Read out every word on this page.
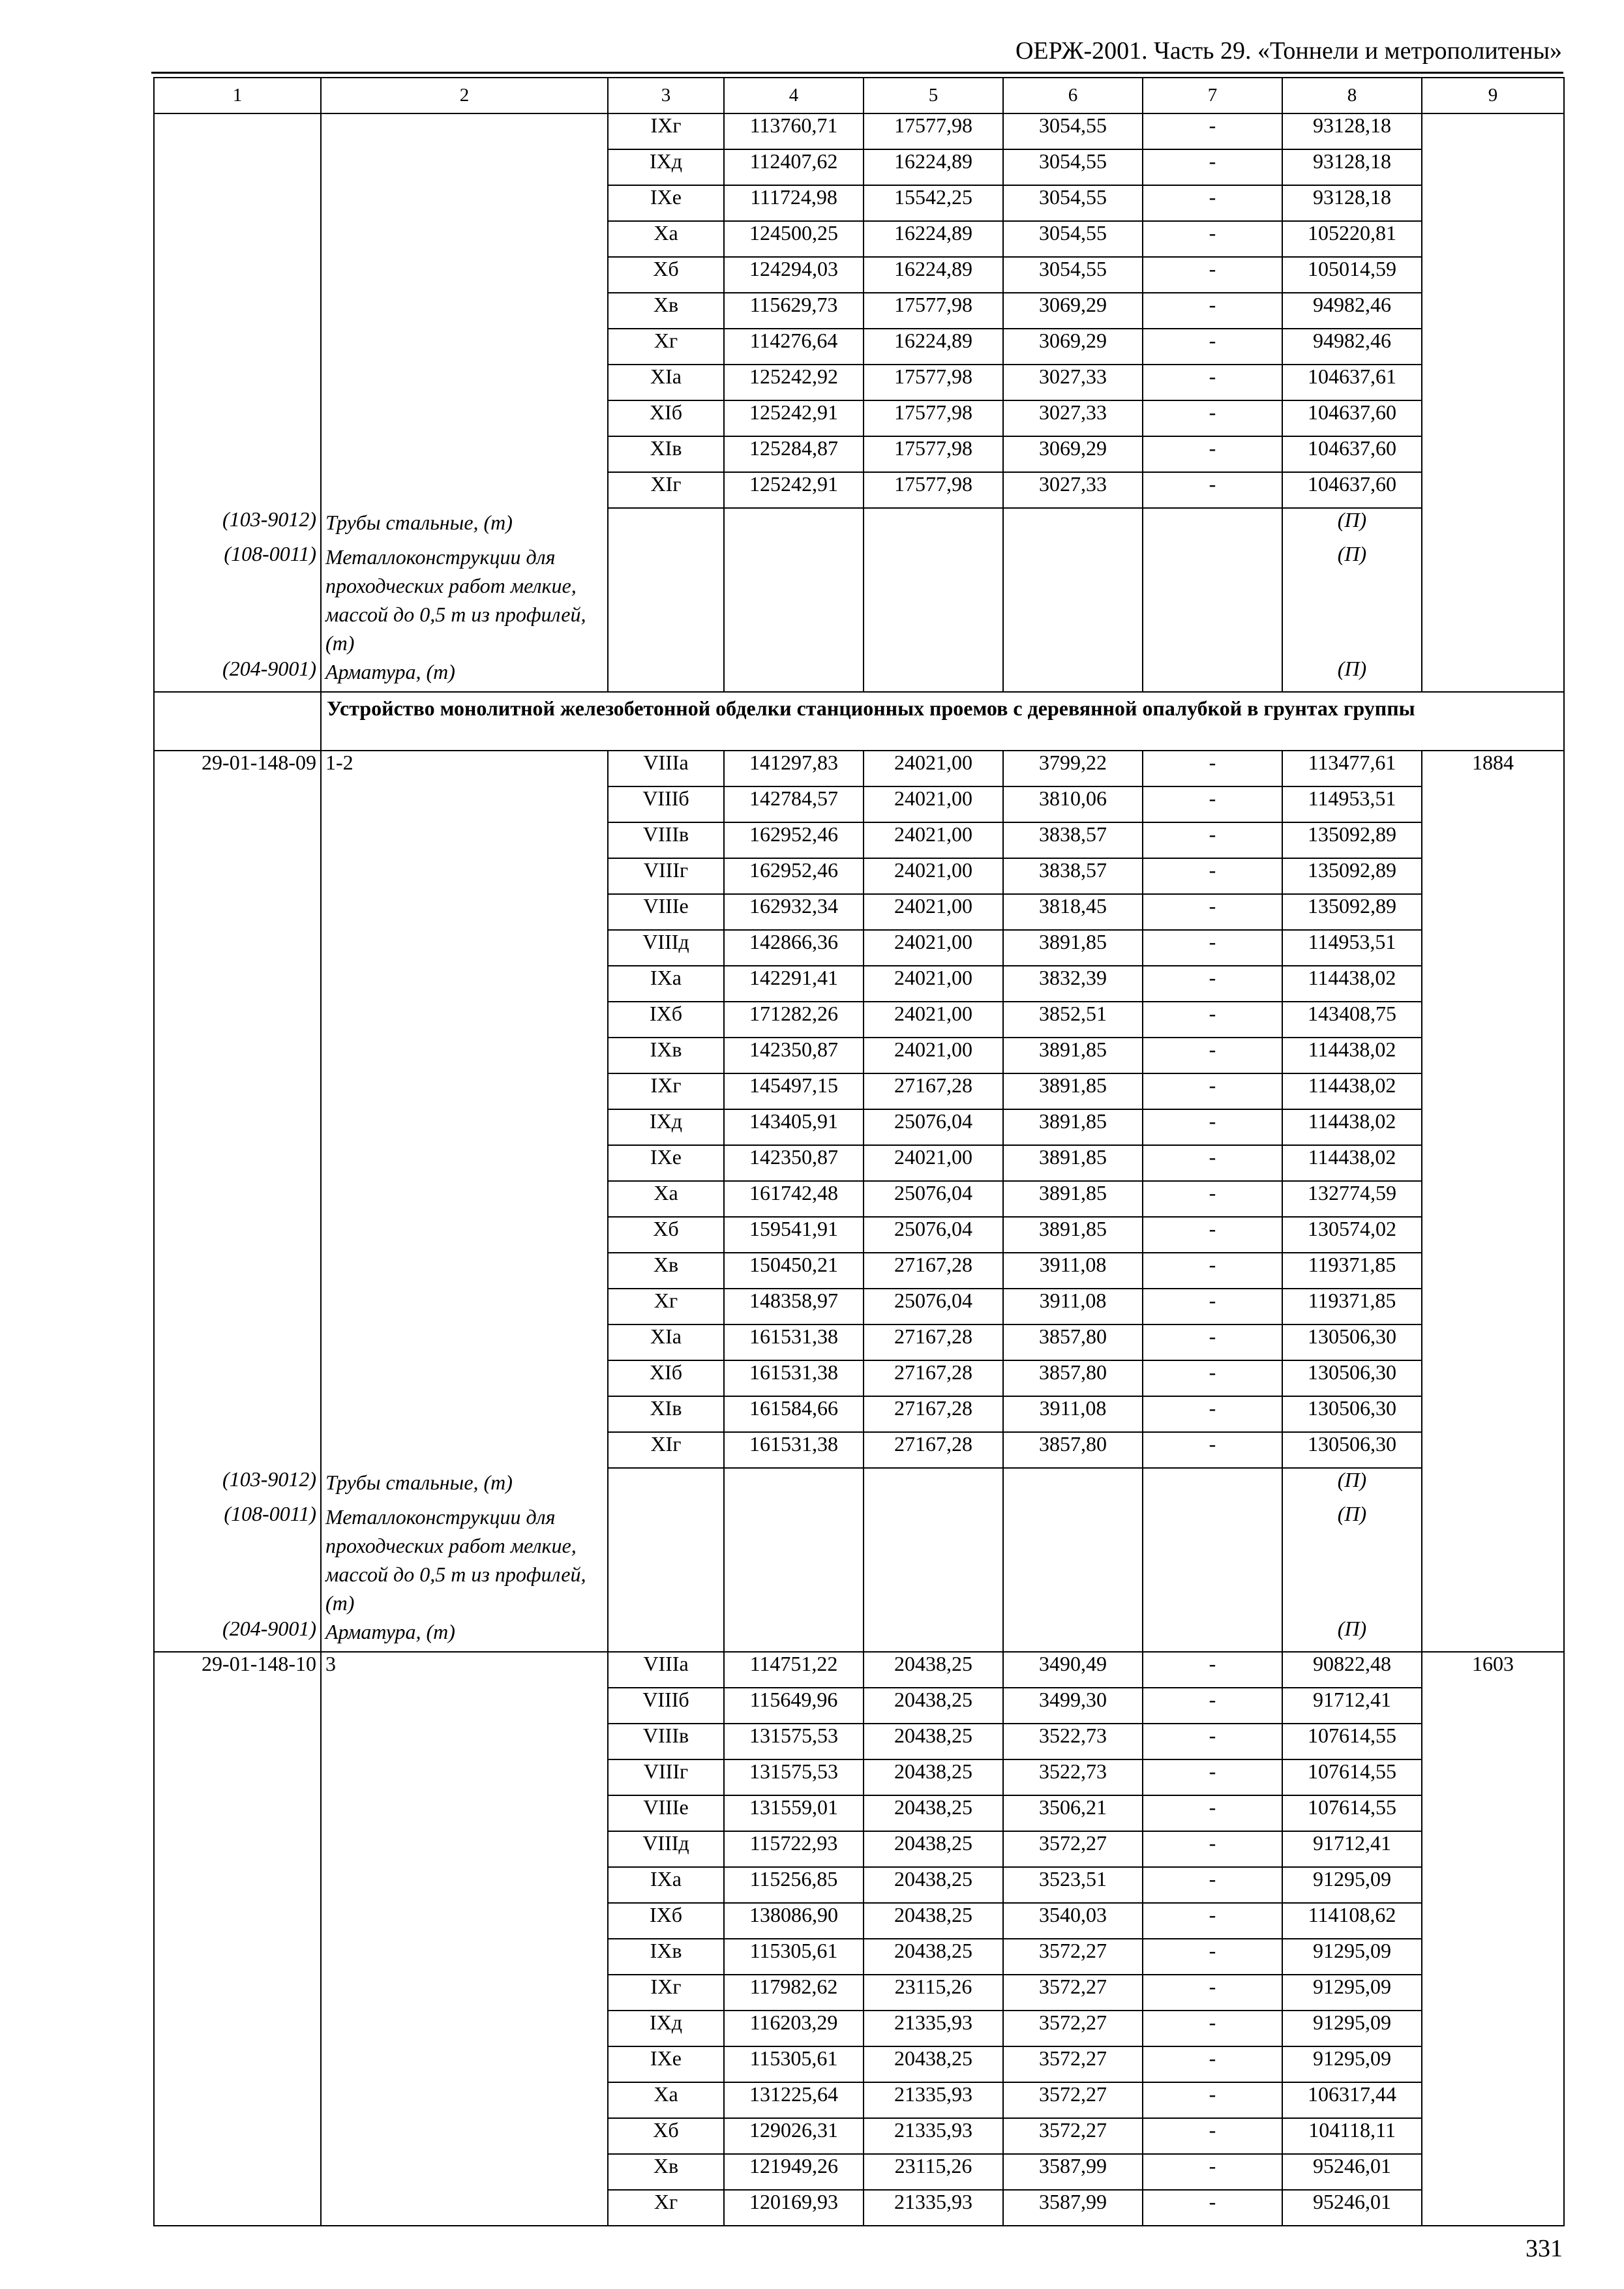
ОЕРЖ-2001. Часть 29. «Тоннели и метрополитены»
1	2	3	4	5	6	7	8	9
		IXг	113760,71	17577,98	3054,55	-	93128,18	
		IXд	112407,62	16224,89	3054,55	-	93128,18	
		IXе	111724,98	15542,25	3054,55	-	93128,18	
		Xа	124500,25	16224,89	3054,55	-	105220,81	
		Xб	124294,03	16224,89	3054,55	-	105014,59	
		Xв	115629,73	17577,98	3069,29	-	94982,46	
		Xг	114276,64	16224,89	3069,29	-	94982,46	
		XIа	125242,92	17577,98	3027,33	-	104637,61	
		XIб	125242,91	17577,98	3027,33	-	104637,60	
		XIв	125284,87	17577,98	3069,29	-	104637,60	
		XIг	125242,91	17577,98	3027,33	-	104637,60	
(103-9012)	Трубы стальные, (т)						(П)	
(108-0011)	Металлоконструкции для проходческих работ мелкие, массой до 0,5 т из профилей, (т)						(П)	
(204-9001)	Арматура, (т)						(П)	
	Устройство монолитной железобетонной обделки станционных проемов с деревянной опалубкой в грунтах группы							
29-01-148-09	1-2	VIIIа	141297,83	24021,00	3799,22	-	113477,61	1884
		VIIIб	142784,57	24021,00	3810,06	-	114953,51	
		VIIIв	162952,46	24021,00	3838,57	-	135092,89	
		VIIIг	162952,46	24021,00	3838,57	-	135092,89	
		VIIIе	162932,34	24021,00	3818,45	-	135092,89	
		VIIIд	142866,36	24021,00	3891,85	-	114953,51	
		IXа	142291,41	24021,00	3832,39	-	114438,02	
		IXб	171282,26	24021,00	3852,51	-	143408,75	
		IXв	142350,87	24021,00	3891,85	-	114438,02	
		IXг	145497,15	27167,28	3891,85	-	114438,02	
		IXд	143405,91	25076,04	3891,85	-	114438,02	
		IXе	142350,87	24021,00	3891,85	-	114438,02	
		Xа	161742,48	25076,04	3891,85	-	132774,59	
		Xб	159541,91	25076,04	3891,85	-	130574,02	
		Xв	150450,21	27167,28	3911,08	-	119371,85	
		Xг	148358,97	25076,04	3911,08	-	119371,85	
		XIа	161531,38	27167,28	3857,80	-	130506,30	
		XIб	161531,38	27167,28	3857,80	-	130506,30	
		XIв	161584,66	27167,28	3911,08	-	130506,30	
		XIг	161531,38	27167,28	3857,80	-	130506,30	
(103-9012)	Трубы стальные, (т)						(П)	
(108-0011)	Металлоконструкции для проходческих работ мелкие, массой до 0,5 т из профилей, (т)						(П)	
(204-9001)	Арматура, (т)						(П)	
29-01-148-10	3	VIIIа	114751,22	20438,25	3490,49	-	90822,48	1603
		VIIIб	115649,96	20438,25	3499,30	-	91712,41	
		VIIIв	131575,53	20438,25	3522,73	-	107614,55	
		VIIIг	131575,53	20438,25	3522,73	-	107614,55	
		VIIIе	131559,01	20438,25	3506,21	-	107614,55	
		VIIIд	115722,93	20438,25	3572,27	-	91712,41	
		IXа	115256,85	20438,25	3523,51	-	91295,09	
		IXб	138086,90	20438,25	3540,03	-	114108,62	
		IXв	115305,61	20438,25	3572,27	-	91295,09	
		IXг	117982,62	23115,26	3572,27	-	91295,09	
		IXд	116203,29	21335,93	3572,27	-	91295,09	
		IXе	115305,61	20438,25	3572,27	-	91295,09	
		Xа	131225,64	21335,93	3572,27	-	106317,44	
		Xб	129026,31	21335,93	3572,27	-	104118,11	
		Xв	121949,26	23115,26	3587,99	-	95246,01	
		Xг	120169,93	21335,93	3587,99	-	95246,01	
331
